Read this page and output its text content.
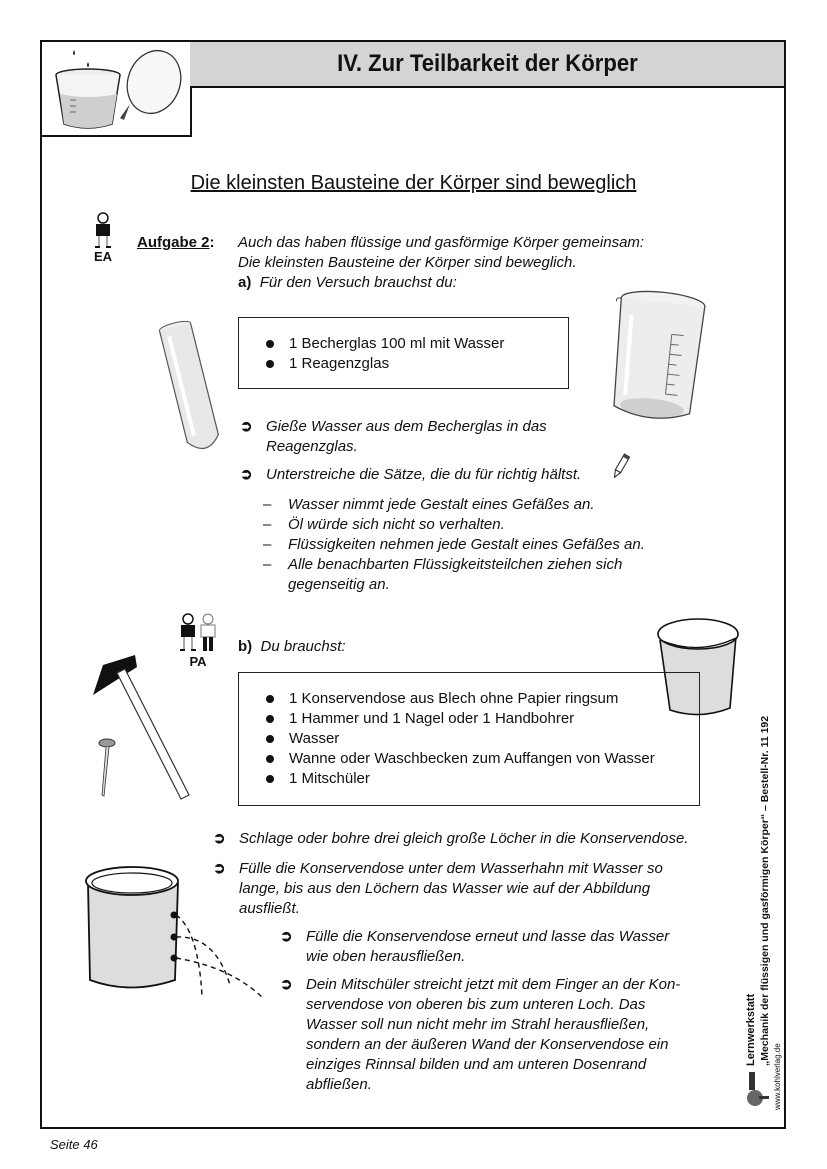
IV. Zur Teilbarkeit der Körper
Die kleinsten Bausteine der Körper sind beweglich
EA
Aufgabe 2: Auch das haben flüssige und gasförmige Körper gemeinsam:
Die kleinsten Bausteine der Körper sind beweglich.
a) Für den Versuch brauchst du:
1 Becherglas 100 ml mit Wasser
1 Reagenzglas
➲ Gieße Wasser aus dem Becherglas in das
Reagenzglas.
➲ Unterstreiche die Sätze, die du für richtig hältst.
– Wasser nimmt jede Gestalt eines Gefäßes an.
– Öl würde sich nicht so verhalten.
– Flüssigkeiten nehmen jede Gestalt eines Gefäßes an.
– Alle benachbarten Flüssigkeitsteilchen ziehen sich
gegenseitig an.
PA
b) Du brauchst:
1 Konservendose aus Blech ohne Papier ringsum
1 Hammer und 1 Nagel oder 1 Handbohrer
Wasser
Wanne oder Waschbecken zum Auffangen von Wasser
1 Mitschüler
➲ Schlage oder bohre drei gleich große Löcher in die Konservendose.
➲ Fülle die Konservendose unter dem Wasserhahn mit Wasser so
lange, bis aus den Löchern das Wasser wie auf der Abbildung
ausfließt.
➲ Fülle die Konservendose erneut und lasse das Wasser
wie oben herausfließen.
➲ Dein Mitschüler streicht jetzt mit dem Finger an der Kon-
servendose von oberen bis zum unteren Loch. Das
Wasser soll nun nicht mehr im Strahl herausfließen,
sondern an der äußeren Wand der Konservendose ein
einziges Rinnsal bilden und am unteren Dosenrand
abfließen.
Lernwerkstatt „Mechanik der flüssigen und gasförmigen Körper“ – Bestell-Nr. 11 192
www.kohlverlag.de
Seite 46
